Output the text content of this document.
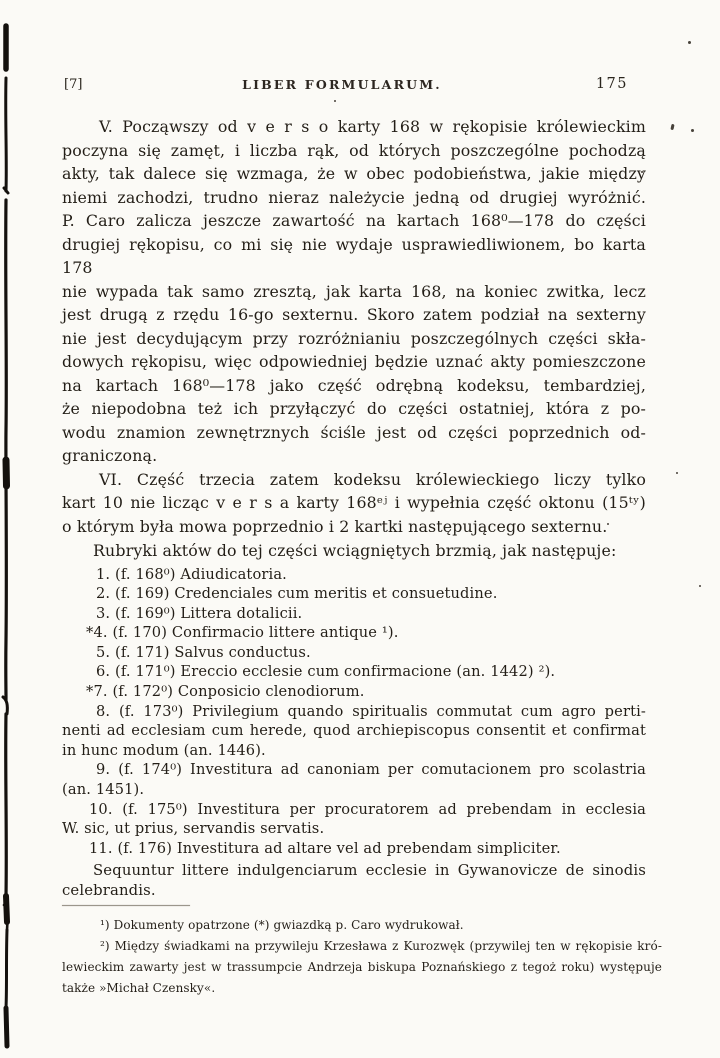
[7]	LIBER FORMULARUM.	175
V. Począwszy od v e r s o karty 168 w rękopisie królewieckim
poczyna się zamęt, i liczba rąk, od których poszczególne pochodzą
akty, tak dalece się wzmaga, że w obec podobieństwa, jakie między
niemi zachodzi, trudno nieraz należycie jedną od drugiej wyróżnić.
P. Caro zalicza jeszcze zawartość na kartach 168⁰—178 do części
drugiej rękopisu, co mi się nie wydaje usprawiedliwionem, bo karta 178
nie wypada tak samo zresztą, jak karta 168, na koniec zwitka, lecz
jest drugą z rzędu 16-go sexternu. Skoro zatem podział na sexterny
nie jest decydującym przy rozróżnianiu poszczególnych części skła-
dowych rękopisu, więc odpowiedniej będzie uznać akty pomieszczone
na kartach 168⁰—178 jako część odrębną kodeksu, tembardziej,
że niepodobna też ich przyłączyć do części ostatniej, która z po-
wodu znamion zewnętrznych ściśle jest od części poprzednich od-
graniczoną.
VI. Część trzecia zatem kodeksu królewieckiego liczy tylko
kart 10 nie licząc v e r s a karty 168ᵉʲ i wypełnia część oktonu (15ᵗʸ)
o którym była mowa poprzednio i 2 kartki następującego sexternu.
Rubryki aktów do tej części wciągniętych brzmią, jak następuje:
1. (f. 168⁰) Adiudicatoria.
2. (f. 169) Credenciales cum meritis et consuetudine.
3. (f. 169⁰) Littera dotalicii.
*4. (f. 170) Confirmacio littere antique ¹).
5. (f. 171) Salvus conductus.
6. (f. 171⁰) Ereccio ecclesie cum confirmacione (an. 1442) ²).
*7. (f. 172⁰) Conposicio clenodiorum.
8. (f. 173⁰) Privilegium quando spiritualis commutat cum agro perti-
nenti ad ecclesiam cum herede, quod archiepiscopus consentit et confirmat
in hunc modum (an. 1446).
9. (f. 174⁰) Investitura ad canoniam per comutacionem pro scolastria
(an. 1451).
10. (f. 175⁰) Investitura per procuratorem ad prebendam in ecclesia
W. sic, ut prius, servandis servatis.
11. (f. 176) Investitura ad altare vel ad prebendam simpliciter.
Sequuntur littere indulgenciarum ecclesie in Gywanovicze de sinodis
celebrandis.
¹) Dokumenty opatrzone (*) gwiazdką p. Caro wydrukował.
²) Między świadkami na przywileju Krzesława z Kurozwęk (przywilej ten w rękopisie kró-
lewieckim zawarty jest w trassumpcie Andrzeja biskupa Poznańskiego z tegoż roku) występuje
także »Michał Czensky«.
